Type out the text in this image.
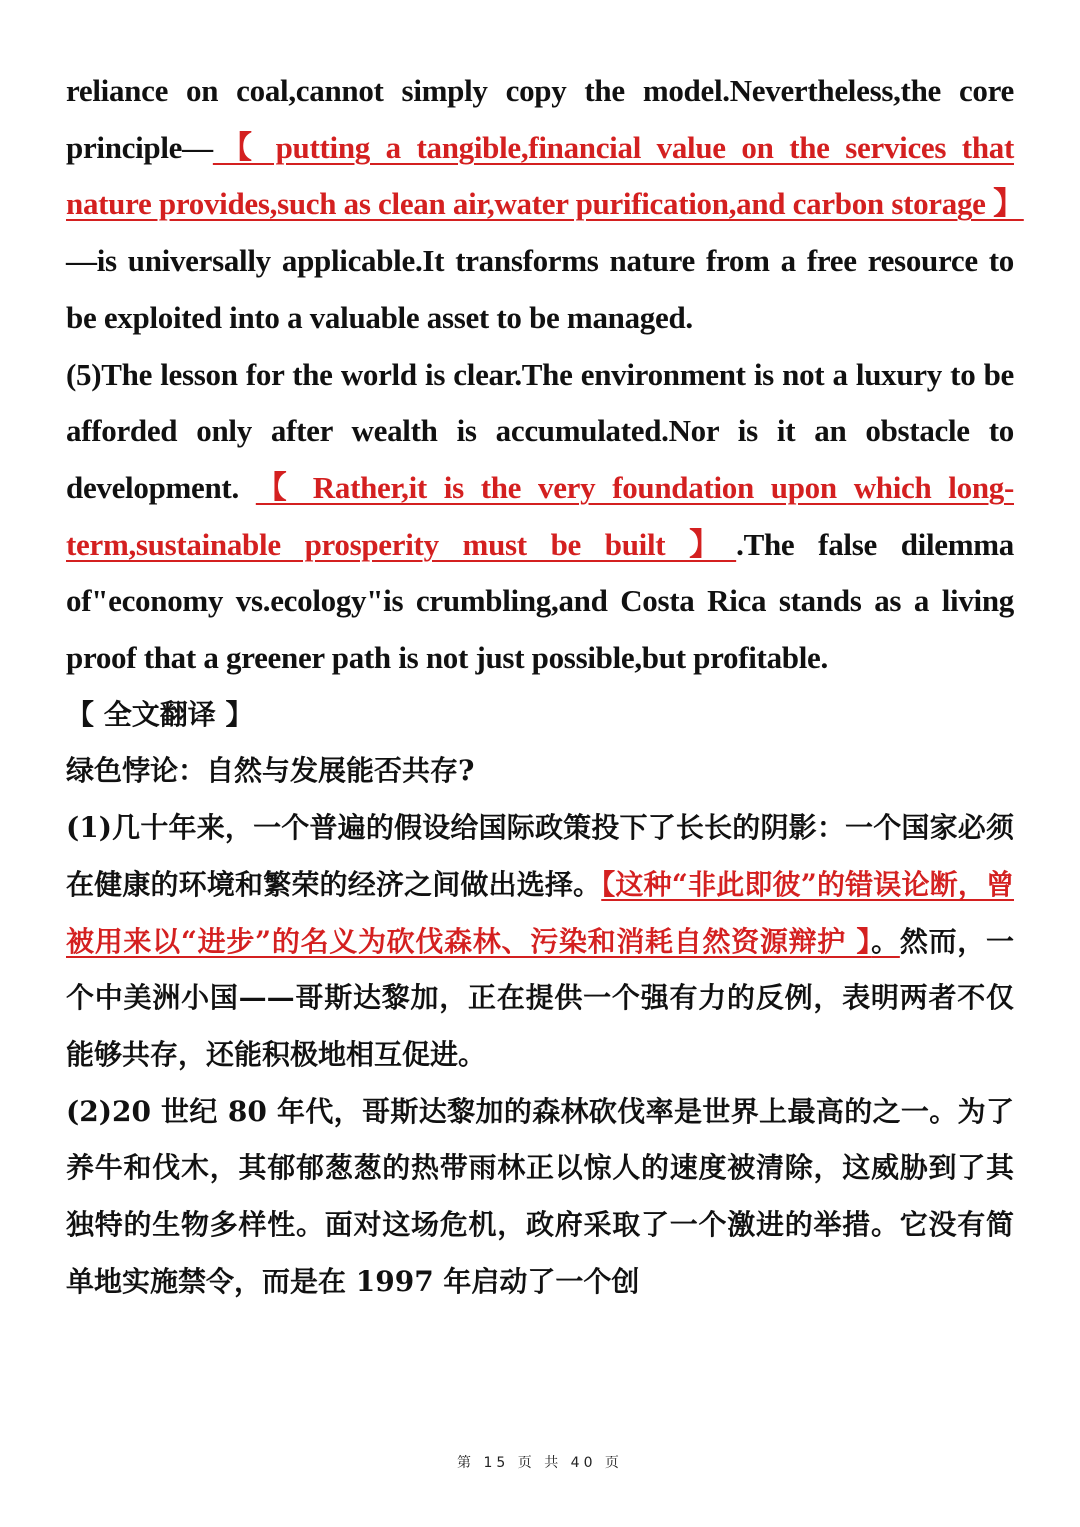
reliance on coal,cannot simply copy the model.Nevertheless,the core principle—【 putting a tangible,financial value on the services that nature provides,such as clean air,water purification,and carbon storage 】—is universally applicable.It transforms nature from a free resource to be exploited into a valuable asset to be managed.

(5)The lesson for the world is clear.The environment is not a luxury to be afforded only after wealth is accumulated.Nor is it an obstacle to development. 【 Rather,it is the very foundation upon which long-term,sustainable prosperity must be built 】.The false dilemma of"economy vs.ecology"is crumbling,and Costa Rica stands as a living proof that a greener path is not just possible,but profitable.

【 全文翻译 】

绿色悖论：自然与发展能否共存?

(1)几十年来，一个普遍的假设给国际政策投下了长长的阴影：一个国家必须在健康的环境和繁荣的经济之间做出选择。【这种“非此即彼”的错误论断，曾被用来以“进步”的名义为砍伐森林、污染和消耗自然资源辩护 】。然而，一个中美洲小国——哥斯达黎加，正在提供一个强有力的反例，表明两者不仅能够共存，还能积极地相互促进。

(2)20 世纪 80 年代，哥斯达黎加的森林砍伐率是世界上最高的之一。为了养牛和伐木，其郁郁葱葱的热带雨林正以惊人的速度被清除，这威胁到了其独特的生物多样性。面对这场危机，政府采取了一个激进的举措。它没有简单地实施禁令，而是在 1997 年启动了一个创

第 15 页 共 40 页
